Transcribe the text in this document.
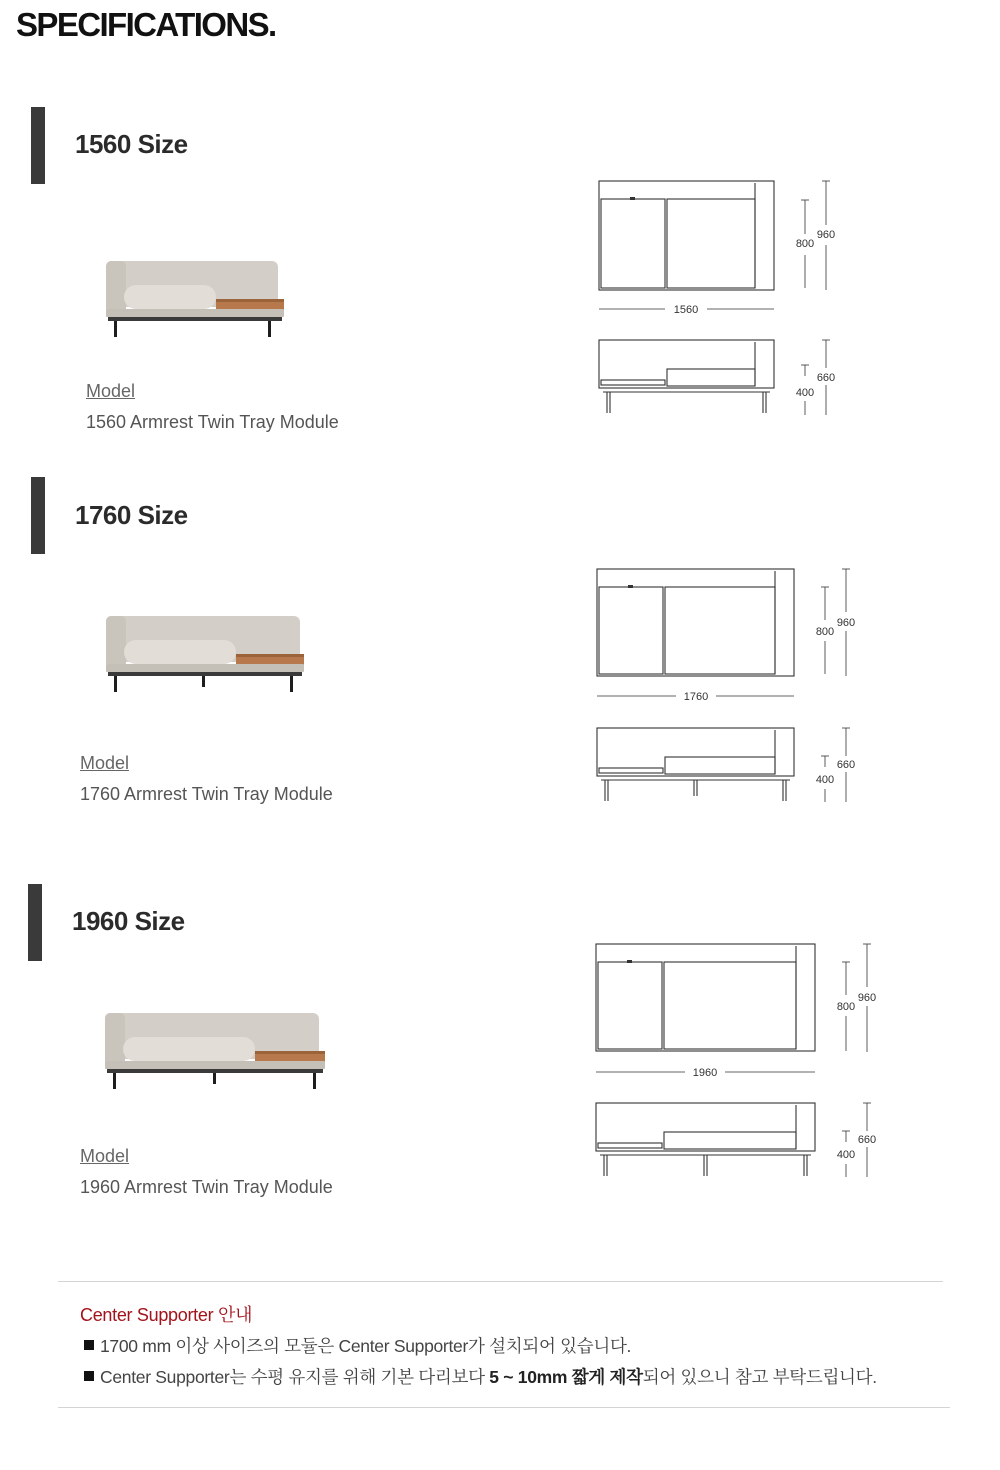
SPECIFICATIONS.
1560 Size
Model
1560 Armrest Twin Tray Module
1560
800
960
660
400
1760 Size
Model
1760 Armrest Twin Tray Module
1760
800
960
660
400
1960 Size
Model
1960 Armrest Twin Tray Module
1960
800
960
660
400
Center Supporter 안내
1700 mm 이상 사이즈의 모듈은 Center Supporter가 설치되어 있습니다.
Center Supporter는 수평 유지를 위해 기본 다리보다 5 ~ 10mm 짧게 제작되어 있으니 참고 부탁드립니다.
